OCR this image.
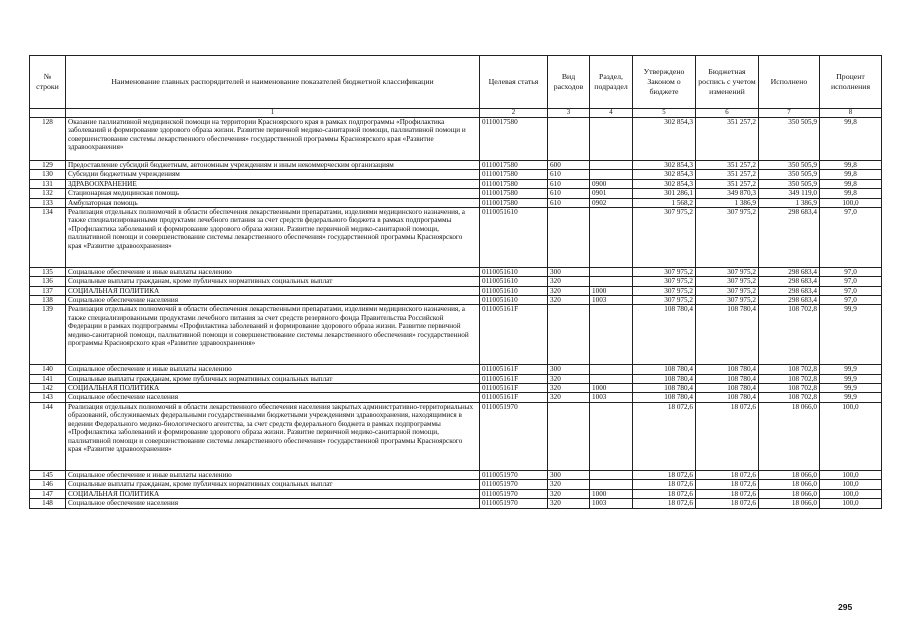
№ строки	Наименование главных распорядителей и наименование показателей бюджетной классификации	Целевая статья	Вид расходов	Раздел, подраздел	Утверждено Законом о бюджете	Бюджетная роспись с учетом изменений	Исполнено	Процент исполнения
	1	2	3	4	5	6	7	8
128	Оказание паллиативной медицинской помощи на территории Красноярского края в рамках подпрограммы «Профилактика заболеваний и формирование здорового образа жизни. Развитие первичной медико-санитарной помощи, паллиативной помощи и совершенствование системы лекарственного обеспечения» государственной программы Красноярского края «Развитие здравоохранения»	0110017580			302 854,3	351 257,2	350 505,9	99,8
129	Предоставление субсидий бюджетным, автономным учреждениям и иным некоммерческим организациям	0110017580	600		302 854,3	351 257,2	350 505,9	99,8
130	Субсидии бюджетным учреждениям	0110017580	610		302 854,3	351 257,2	350 505,9	99,8
131	ЗДРАВООХРАНЕНИЕ	0110017580	610	0900	302 854,3	351 257,2	350 505,9	99,8
132	Стационарная медицинская помощь	0110017580	610	0901	301 286,1	349 870,3	349 119,0	99,8
133	Амбулаторная помощь	0110017580	610	0902	1 568,2	1 386,9	1 386,9	100,0
134	Реализация отдельных полномочий в области обеспечения лекарственными препаратами, изделиями медицинского назначения, а также специализированными продуктами лечебного питания за счет средств федерального бюджета в рамках подпрограммы «Профилактика заболеваний и формирование здорового образа жизни. Развитие первичной медико-санитарной помощи, паллиативной помощи и совершенствование системы лекарственного обеспечения» государственной программы Красноярского края «Развитие здравоохранения»	0110051610			307 975,2	307 975,2	298 683,4	97,0
135	Социальное обеспечение и иные выплаты населению	0110051610	300		307 975,2	307 975,2	298 683,4	97,0
136	Социальные выплаты гражданам, кроме публичных нормативных социальных выплат	0110051610	320		307 975,2	307 975,2	298 683,4	97,0
137	СОЦИАЛЬНАЯ ПОЛИТИКА	0110051610	320	1000	307 975,2	307 975,2	298 683,4	97,0
138	Социальное обеспечение населения	0110051610	320	1003	307 975,2	307 975,2	298 683,4	97,0
139	Реализация отдельных полномочий в области обеспечения лекарственными препаратами, изделиями медицинского назначения, а также специализированными продуктами лечебного питания за счет средств резервного фонда Правительства Российской Федерации в рамках подпрограммы «Профилактика заболеваний и формирование здорового образа жизни. Развитие первичной медико-санитарной помощи, паллиативной помощи и совершенствование системы лекарственного обеспечения» государственной программы Красноярского края «Развитие здравоохранения»	011005161F			108 780,4	108 780,4	108 702,8	99,9
140	Социальное обеспечение и иные выплаты населению	011005161F	300		108 780,4	108 780,4	108 702,8	99,9
141	Социальные выплаты гражданам, кроме публичных нормативных социальных выплат	011005161F	320		108 780,4	108 780,4	108 702,8	99,9
142	СОЦИАЛЬНАЯ ПОЛИТИКА	011005161F	320	1000	108 780,4	108 780,4	108 702,8	99,9
143	Социальное обеспечение населения	011005161F	320	1003	108 780,4	108 780,4	108 702,8	99,9
144	Реализация отдельных полномочий в области лекарственного обеспечения населения закрытых административно-территориальных образований, обслуживаемых федеральными государственными бюджетными учреждениями здравоохранения, находящимися в ведении Федерального медико-биологического агентства, за счет средств федерального бюджета в рамках подпрограммы «Профилактика заболеваний и формирование здорового образа жизни. Развитие первичной медико-санитарной помощи, паллиативной помощи и совершенствование системы лекарственного обеспечения» государственной программы Красноярского края «Развитие здравоохранения»	0110051970			18 072,6	18 072,6	18 066,0	100,0
145	Социальное обеспечение и иные выплаты населению	0110051970	300		18 072,6	18 072,6	18 066,0	100,0
146	Социальные выплаты гражданам, кроме публичных нормативных социальных выплат	0110051970	320		18 072,6	18 072,6	18 066,0	100,0
147	СОЦИАЛЬНАЯ ПОЛИТИКА	0110051970	320	1000	18 072,6	18 072,6	18 066,0	100,0
148	Социальное обеспечение населения	0110051970	320	1003	18 072,6	18 072,6	18 066,0	100,0
295
